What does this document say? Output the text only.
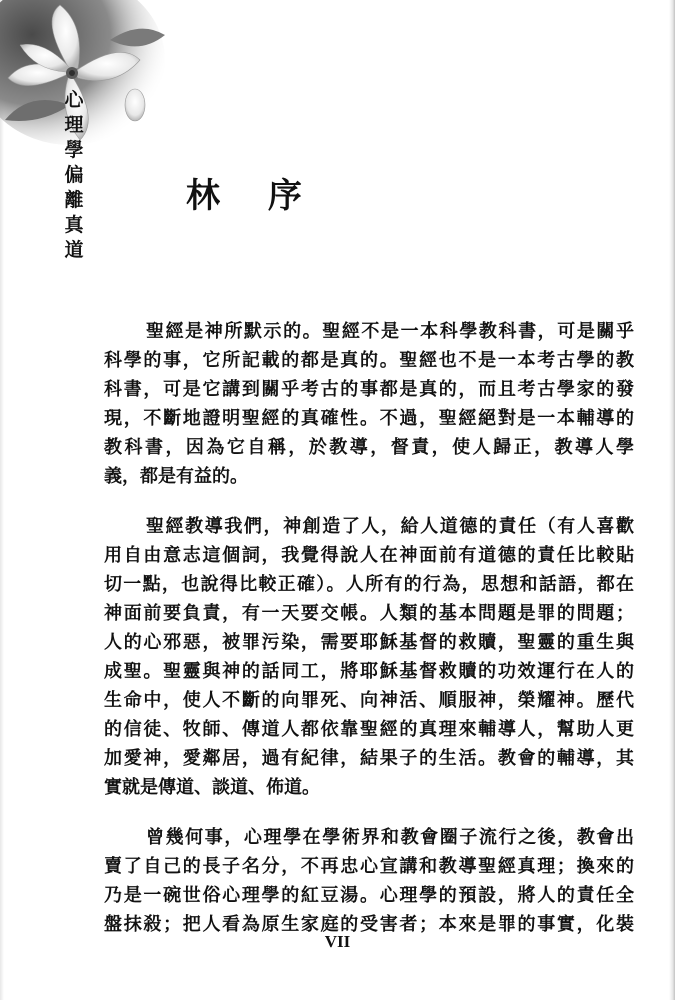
心
理
學
偏
離
真
道
林 序
聖經是神所默示的。聖經不是一本科學教科書，可是關乎
科學的事，它所記載的都是真的。聖經也不是一本考古學的教
科書，可是它講到關乎考古的事都是真的，而且考古學家的發
現，不斷地證明聖經的真確性。不過，聖經絕對是一本輔導的
教科書，因為它自稱，於教導，督責，使人歸正，教導人學
義，都是有益的。
聖經教導我們，神創造了人，給人道德的責任（有人喜歡
用自由意志這個詞，我覺得說人在神面前有道德的責任比較貼
切一點，也說得比較正確）。人所有的行為，思想和話語，都在
神面前要負責，有一天要交帳。人類的基本問題是罪的問題；
人的心邪惡，被罪污染，需要耶穌基督的救贖，聖靈的重生與
成聖。聖靈與神的話同工，將耶穌基督救贖的功效運行在人的
生命中，使人不斷的向罪死、向神活、順服神，榮耀神。歷代
的信徒、牧師、傳道人都依靠聖經的真理來輔導人，幫助人更
加愛神，愛鄰居，過有紀律，結果子的生活。教會的輔導，其
實就是傳道、談道、佈道。
曾幾何事，心理學在學術界和教會圈子流行之後，教會出
賣了自己的長子名分，不再忠心宣講和教導聖經真理；換來的
乃是一碗世俗心理學的紅豆湯。心理學的預設，將人的責任全
盤抹殺；把人看為原生家庭的受害者；本來是罪的事實，化裝
VII
